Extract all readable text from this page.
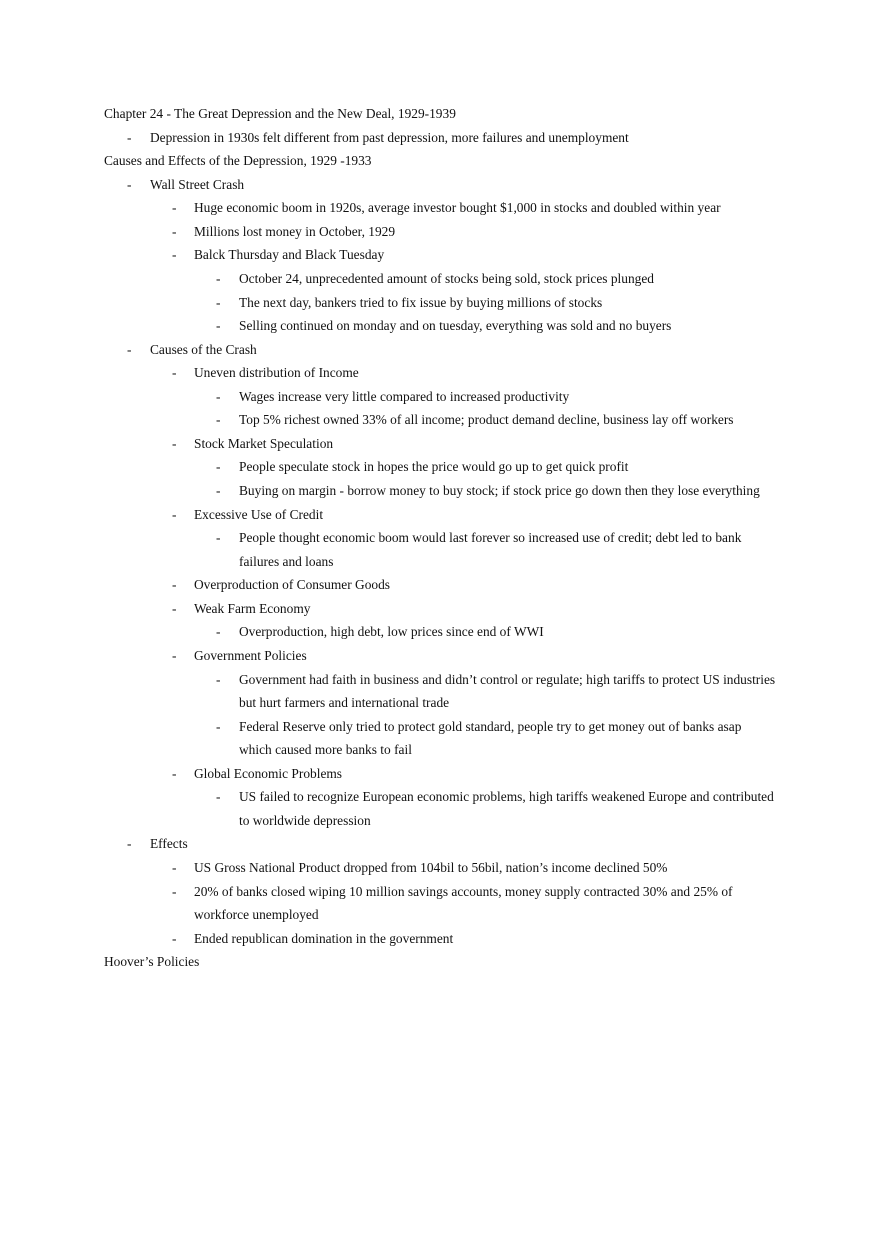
Chapter 24 - The Great Depression and the New Deal, 1929-1939
- Depression in 1930s felt different from past depression, more failures and unemployment
Causes and Effects of the Depression, 1929 -1933
- Wall Street Crash
- Huge economic boom in 1920s, average investor bought $1,000 in stocks and doubled within year
- Millions lost money in October, 1929
- Balck Thursday and Black Tuesday
- October 24, unprecedented amount of stocks being sold, stock prices plunged
- The next day, bankers tried to fix issue by buying millions of stocks
- Selling continued on monday and on tuesday, everything was sold and no buyers
- Causes of the Crash
- Uneven distribution of Income
- Wages increase very little compared to increased productivity
- Top 5% richest owned 33% of all income; product demand decline, business lay off workers
- Stock Market Speculation
- People speculate stock in hopes the price would go up to get quick profit
- Buying on margin - borrow money to buy stock; if stock price go down then they lose everything
- Excessive Use of Credit
- People thought economic boom would last forever so increased use of credit; debt led to bank failures and loans
- Overproduction of Consumer Goods
- Weak Farm Economy
- Overproduction, high debt, low prices since end of WWI
- Government Policies
- Government had faith in business and didn’t control or regulate; high tariffs to protect US industries but hurt farmers and international trade
- Federal Reserve only tried to protect gold standard, people try to get money out of banks asap which caused more banks to fail
- Global Economic Problems
- US failed to recognize European economic problems, high tariffs weakened Europe and contributed to worldwide depression
- Effects
- US Gross National Product dropped from 104bil to 56bil, nation’s income declined 50%
- 20% of banks closed wiping 10 million savings accounts, money supply contracted 30% and 25% of workforce unemployed
- Ended republican domination in the government
Hoover’s Policies
